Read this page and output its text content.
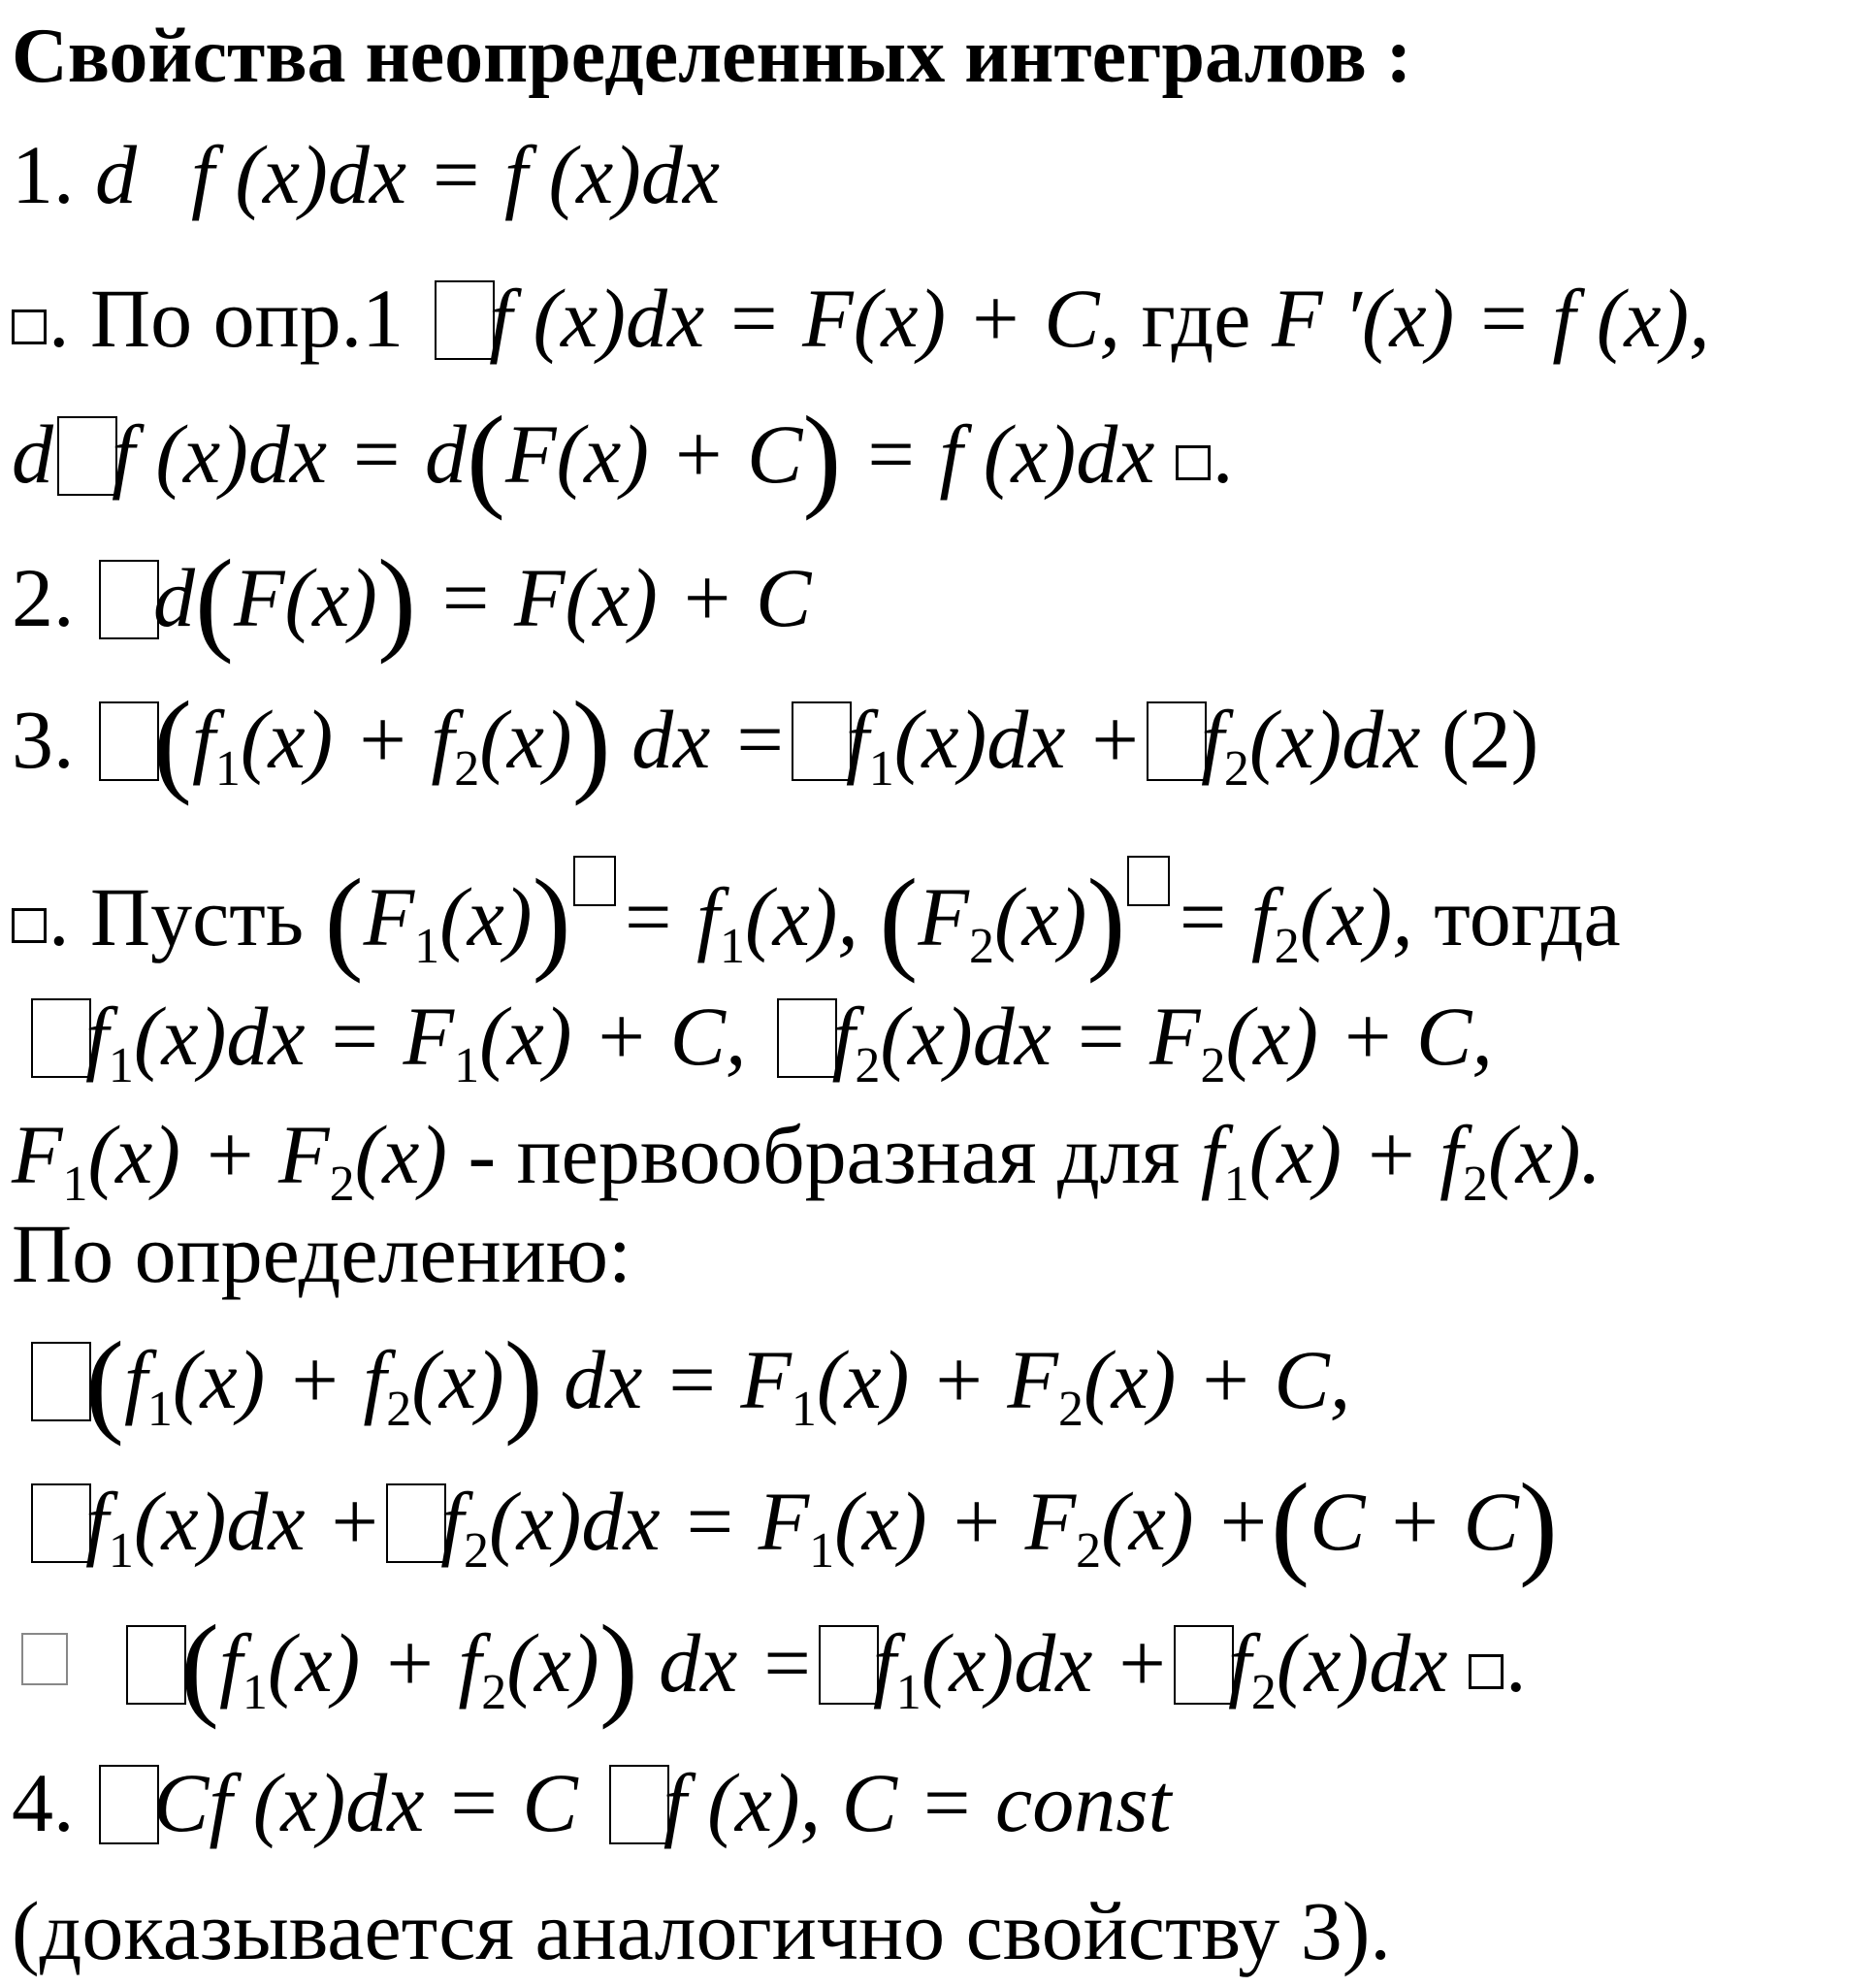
Свойства неопределенных интегралов :
1. d f (x)dx = f (x)dx
. По опр.1 f (x)dx = F(x) + C, где F ′(x) = f (x),
d f (x)dx = d(F(x) + C) = f (x)dx .
2. d(F(x)) = F(x) + C
3. $(f_1(x) + f_2(x))$ dx = $f_1(x)dx + f_2(x)dx$ (2)
. Пусть $(F_1(x)) = f_1(x)$, $(F_2(x)) = f_2(x)$, тогда
$f_1(x)dx = F_1(x) + C$, $f_2(x)dx = F_2(x) + C$,
$F_1(x) + F_2(x)$ - первообразная для $f_1(x) + f_2(x)$.
По определению:
$(f_1(x) + f_2(x))$ dx = $F_1(x) + F_2(x) + C$,
$f_1(x)dx + f_2(x)dx = F_1(x) + F_2(x) +(C + C)$
$(f_1(x) + f_2(x))$ dx = $f_1(x)dx + f_2(x)dx$ .
4. Cf (x)dx = C f (x), C = const
(доказывается аналогично свойству 3).
